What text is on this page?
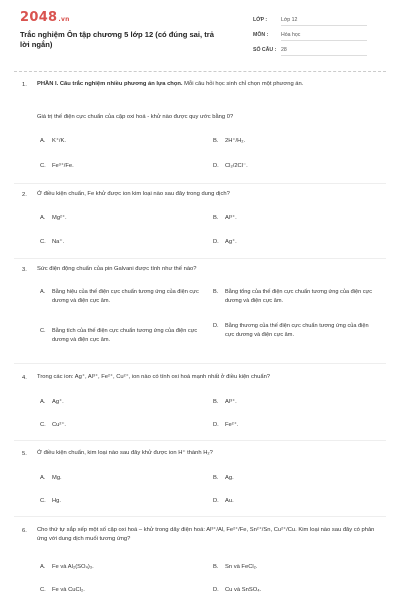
2048.vn
Trắc nghiệm Ôn tập chương 5 lớp 12 (có đúng sai, trả lời ngắn)
LỚP :	Lớp 12
MÔN : Hóa học
SỐ CÂU : 28
1. PHẦN I. Câu trắc nghiệm nhiều phương án lựa chọn. Mỗi câu hỏi học sinh chỉ chọn một phương án.
Giá trị thế điện cực chuẩn của cặp oxi hoá - khử nào được quy ước bằng 0?
A. K⁺/K.	B. 2H⁺/H₂.
C. Fe³⁺/Fe.	D. Cl₂/2Cl⁻.
2. Ở điều kiện chuẩn, Fe khử được ion kim loại nào sau đây trong dung dịch?
A. Mg²⁺.	B. Al³⁺.
C. Na⁺.	D. Ag⁺.
3. Sức điện động chuẩn của pin Galvani được tính như thế nào?
A. Bằng hiệu của thế điện cực chuẩn tương ứng của điện cực dương và điện cực âm.
B. Bằng tổng của thế điện cực chuẩn tương ứng của điện cực dương và điện cực âm.
C. Bằng tích của thế điện cực chuẩn tương ứng của điện cực dương và điện cực âm.
D. Bằng thương của thế điện cực chuẩn tương ứng của điện cực dương và điện cực âm.
4. Trong các ion: Ag⁺, Al³⁺, Fe²⁺, Cu²⁺, ion nào có tính oxi hoá mạnh nhất ở điều kiện chuẩn?
A. Ag⁺.	B. Al³⁺.
C. Cu²⁺.	D. Fe²⁺.
5. Ở điều kiện chuẩn, kim loại nào sau đây khử được ion H⁺ thành H₂?
A. Mg.	B. Ag.
C. Hg.	D. Au.
6. Cho thứ tự sắp xếp một số cặp oxi hoá – khử trong dãy điện hoá: Al³⁺/Al, Fe²⁺/Fe, Sn²⁺/Sn, Cu²⁺/Cu. Kim loại nào sau đây có phản ứng với dung dịch muối tương ứng?
A. Fe và Al₂(SO₄)₃.	B. Sn và FeCl₂.
C. Fe và CuCl₂.	D. Cu và SnSO₄.
